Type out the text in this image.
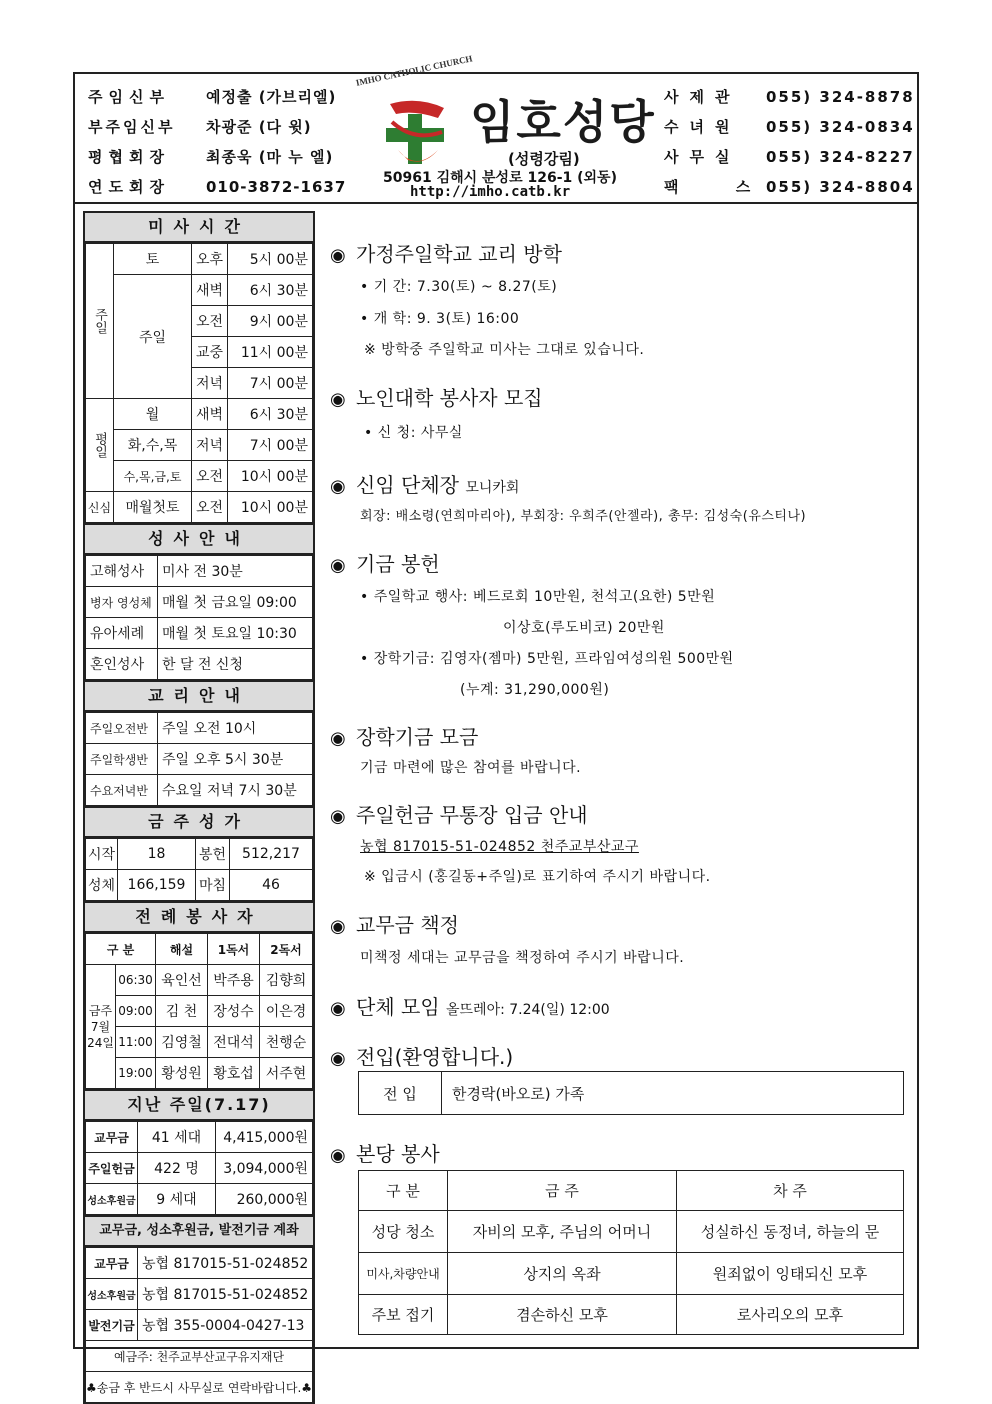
주임신부 예정출 (가브리엘)
부주임신부 차광준 (다 윗)
평협회장 최종욱 (마 누 엘)
연도회장 010-3872-1637
IMHO CATHOLIC CHURCH
임호성당
(성령강림)
50961 김해시 분성로 126-1 (외동)
http://imho.catb.kr
사제관 055) 324-8878
수녀원 055) 324-0834
사무실 055) 324-8227
팩 스055) 324-8804
미사시간
주일	토	오후	5시 00분
	주일	새벽	6시 30분
		오전	9시 00분
		교중	11시 00분
		저녁	7시 00분
평일	월	새벽	6시 30분
	화,수,목	저녁	7시 00분
	수,목,금,토	오전	10시 00분
신심	매월첫토	오전	10시 00분
성사안내
고해성사	미사 전 30분
병자 영성체	매월 첫 금요일 09:00
유아세례	매월 첫 토요일 10:30
혼인성사	한 달 전 신청
교리안내
주일오전반	주일 오전 10시
주일학생반	주일 오후 5시 30분
수요저녁반	수요일 저녁 7시 30분
금주성가
시작	18	봉헌	512,217
성체	166,159	마침	46
전례봉사자
구 분		해설	1독서	2독서
금주 7월 24일	06:30	육인선	박주용	김향희
	09:00	김 천	장성수	이은경
	11:00	김영철	전대석	천행순
	19:00	황성원	황호섭	서주현
지난 주일(7.17)
교무금	41 세대	4,415,000원
주일헌금	422 명	3,094,000원
성소후원금	9 세대	260,000원
교무금, 성소후원금, 발전기금 계좌
교무금	농협 817015-51-024852
성소후원금	농협 817015-51-024852
발전기금	농협 355-0004-0427-13
예금주: 천주교부산교구유지재단	
♣송금 후 반드시 사무실로 연락바랍니다.♣	
◉ 가정주일학교 교리 방학
• 기 간: 7.30(토) ~ 8.27(토)
• 개 학: 9. 3(토) 16:00
※ 방학중 주일학교 미사는 그대로 있습니다.
◉ 노인대학 봉사자 모집
• 신 청: 사무실
◉ 신임 단체장 모니카회
회장: 배소령(연희마리아), 부회장: 우희주(안젤라), 총무: 김성숙(유스티나)
◉ 기금 봉헌
• 주일학교 행사: 베드로회 10만원, 천석고(요한) 5만원
이상호(루도비코) 20만원
• 장학기금: 김영자(젬마) 5만원, 프라임여성의원 500만원
(누계: 31,290,000원)
◉ 장학기금 모금
기금 마련에 많은 참여를 바랍니다.
◉ 주일헌금 무통장 입금 안내
농협 817015-51-024852 천주교부산교구
※ 입금시 (홍길동+주일)로 표기하여 주시기 바랍니다.
◉ 교무금 책정
미책정 세대는 교무금을 책정하여 주시기 바랍니다.
◉ 단체 모임 올뜨레아: 7.24(일) 12:00
◉ 전입(환영합니다.)
전 입	한경락(바오로) 가족
◉ 본당 봉사
구 분	금 주	차 주
성당 청소	자비의 모후, 주님의 어머니	성실하신 동정녀, 하늘의 문
미사,차량안내	상지의 옥좌	원죄없이 잉태되신 모후
주보 접기	겸손하신 모후	로사리오의 모후
